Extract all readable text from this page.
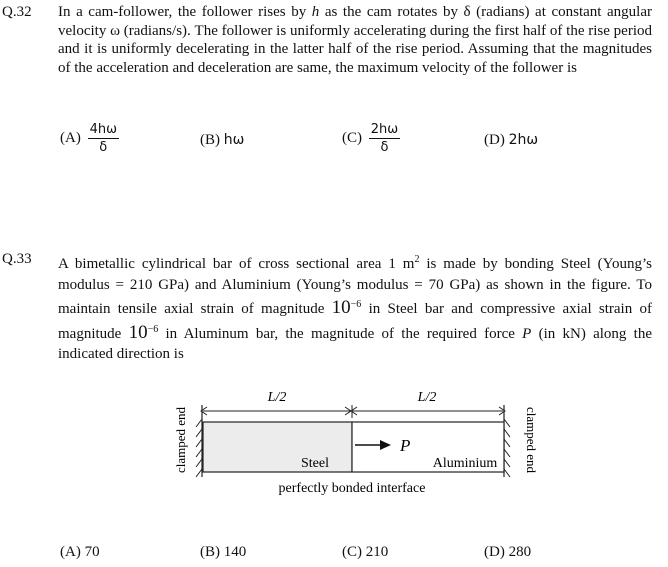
Q.32 In a cam-follower, the follower rises by h as the cam rotates by δ (radians) at constant angular velocity ω (radians/s). The follower is uniformly accelerating during the first half of the rise period and it is uniformly decelerating in the latter half of the rise period. Assuming that the magnitudes of the acceleration and deceleration are same, the maximum velocity of the follower is
$(A) \frac{4h\omega}{\delta}$	(B) hω	$(C) \frac{2h\omega}{\delta}$	(D) 2hω
Q.33 A bimetallic cylindrical bar of cross sectional area 1 $m^2$ is made by bonding Steel (Young’s modulus = 210 GPa) and Aluminium (Young’s modulus = 70 GPa) as shown in the figure. To maintain tensile axial strain of magnitude $10^{-6}$ in Steel bar and compressive axial strain of magnitude $10^{-6}$ in Aluminum bar, the magnitude of the required force P (in kN) along the indicated direction is
L/2	L/2
clamped end	clamped end
Steel	Aluminium
P
perfectly bonded interface
(A) 70	(B) 140	(C) 210	(D) 280
